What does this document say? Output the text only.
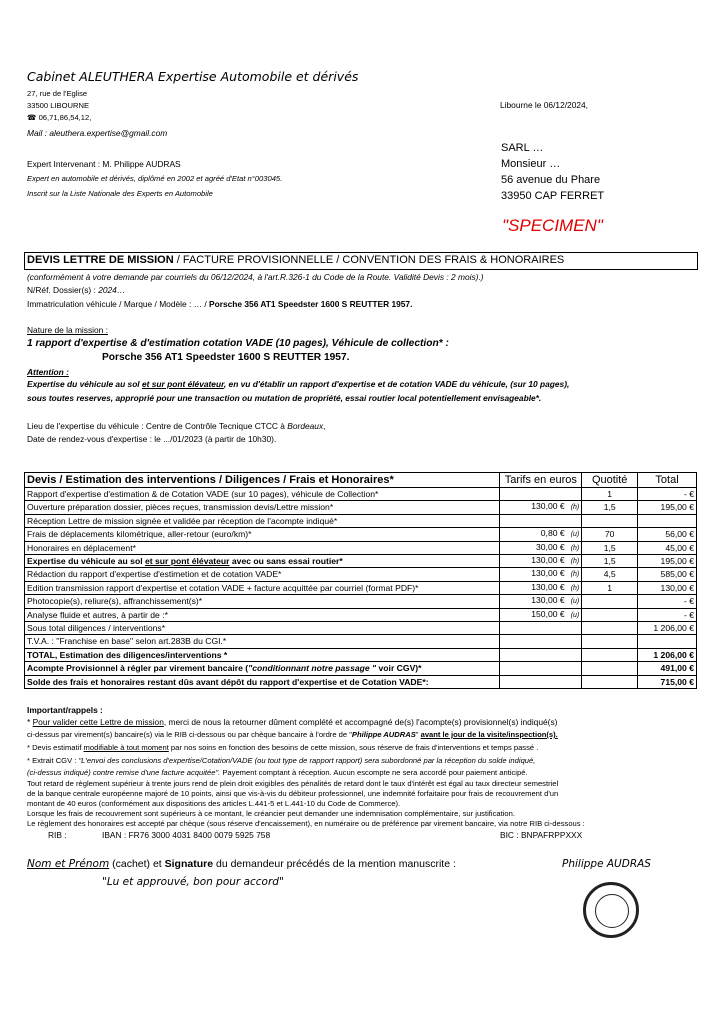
Cabinet ALEUTHERA Expertise Automobile et dérivés
27, rue de l'Eglise
33500 LIBOURNE
☎ 06,71,86,54,12,
Mail : aleuthera.expertise@gmail.com
Expert Intervenant : M. Philippe AUDRAS
Expert en automobile et dérivés, diplômé en 2002 et agréé d'Etat n°003045.
Inscrit sur la Liste Nationale des Experts en Automobile
Libourne le 06/12/2024,
SARL …
Monsieur …
56 avenue du Phare
33950 CAP FERRET
"SPECIMEN"
DEVIS LETTRE DE MISSION / FACTURE PROVISIONNELLE / CONVENTION DES FRAIS & HONORAIRES
(conformément à votre demande par courriels du 06/12/2024, à l'art.R.326-1 du Code de la Route. Validité Devis : 2 mois).)
N/Réf. Dossier(s) : 2024…
Immatriculation véhicule / Marque / Modèle : … / Porsche 356 AT1 Speedster 1600 S REUTTER 1957.
Nature de la mission :
1 rapport d'expertise & d'estimation cotation VADE (10 pages), Véhicule de collection* :
Porsche 356 AT1 Speedster 1600 S REUTTER 1957.
Attention :
Expertise du véhicule au sol et sur pont élévateur, en vu d'établir un rapport d'expertise et de cotation VADE du véhicule, (sur 10 pages),
sous toutes reserves, approprié pour une transaction ou mutation de propriété, essai routier local potentiellement envisageable*.
Lieu de l'expertise du véhicule : Centre de Contrôle Tecnique CTCC à Bordeaux,
Date de rendez-vous d'expertise : le .../01/2023 (à partir de 10h30).
Devis / Estimation des interventions / Diligences / Frais et Honoraires*	Tarifs en euros	Quotité	Total
Rapport d'expertise d'estimation & de Cotation VADE (sur 10 pages), véhicule de Collection*		1	- €
Ouverture préparation dossier, pièces reçues, transmission devis/Lettre mission*	130,00 € (h)	1,5	195,00 €
Réception Lettre de mission signée et validée par réception de l'acompte indiqué*			
Frais de déplacements kilométrique, aller-retour (euro/km)*	0,80 € (u)	70	56,00 €
Honoraires en déplacement*	30,00 € (h)	1,5	45,00 €
Expertise du véhicule au sol et sur pont élévateur avec ou sans essai routier*	130,00 € (h)	1,5	195,00 €
Rédaction du rapport d'expertise d'estimetion et de cotation VADE*	130,00 € (h)	4,5	585,00 €
Edition transmission rapport d'expertise et cotation VADE + facture acquittée par courriel (format PDF)*	130,00 € (h)	1	130,00 €
Photocopie(s), reliure(s), affranchissement(s)*	130,00 € (u)		- €
Analyse fluide et autres, à partir de :*	150,00 € (u)		- €
Sous total diligences / interventions*			1 206,00 €
T.V.A. : "Franchise en base" selon art.283B du CGI.*			
TOTAL, Estimation des diligences/interventions *			1 206,00 €
Acompte Provisionnel à régler par virement bancaire ("conditionnant notre passage " voir CGV)*			491,00 €
Solde des frais et honoraires restant dûs avant dépôt du rapport d'expertise et de Cotation VADE*:			715,00 €
Important/rappels :
* Pour valider cette Lettre de mission, merci de nous la retourner dûment complété et accompagné de(s) l'acompte(s) provisionnel(s) indiqué(s)
ci-dessus par virement(s) bancaire(s) via le RIB ci-dessous ou par chèque bancaire à l'ordre de "Philippe AUDRAS" avant le jour de la visite/inspection(s).
* Devis estimatif modifiable à tout moment par nos soins en fonction des besoins de cette mission, sous réserve de frais d'interventions et temps passé .
* Extrait CGV : "L'envoi des conclusions d'expertise/Cotation/VADE (ou tout type de rapport rapport) sera subordonné par la réception du solde indiqué,
(ci-dessus indiqué) contre remise d'une facture acquitée". Payement comptant à réception. Aucun escompte ne sera accordé pour paiement anticipé.
Tout retard de règlement supérieur à trente jours rend de plein droit exigibles des pénalités de retard dont le taux d'intérêt est égal au taux directeur semestriel
de la banque centrale européenne majoré de 10 points, ainsi que vis-à-vis du débiteur professionnel, une indemnité forfaitaire pour frais de recouvrement d'un
montant de 40 euros (conformément aux dispositions des articles L.441-5 et L.441-10 du Code de Commerce).
Lorsque les frais de recouvrement sont supérieurs à ce montant, le créancier peut demander une indemnisation complémentaire, sur justification.
Le règlement des honoraires est accepté par chèque (sous réserve d'encaissement), en numéraire ou de préférence par virement bancaire, via notre RIB ci-dessous :
RIB :	IBAN : FR76 3000 4031 8400 0079 5925 758	BIC : BNPAFRPPXXX
Nom et Prénom (cachet) et Signature du demandeur précédés de la mention manuscrite :	Philippe AUDRAS
"Lu et approuvé, bon pour accord"
